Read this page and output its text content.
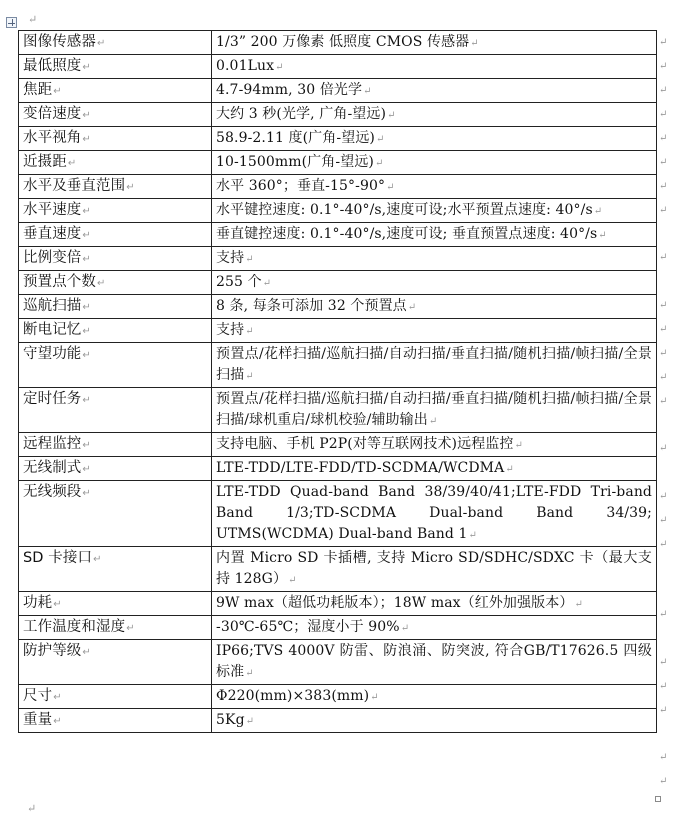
↵
图像传感器↵	1/3” 200 万像素 低照度 CMOS 传感器↵
最低照度↵	0.01Lux↵
焦距↵	4.7-94mm, 30 倍光学↵
变倍速度↵	大约 3 秒(光学, 广角-望远)↵
水平视角↵	58.9-2.11 度(广角-望远)↵
近摄距↵	10-1500mm(广角-望远)↵
水平及垂直范围↵	水平 360°；垂直-15°-90°↵
水平速度↵	水平键控速度: 0.1°-40°/s,速度可设;水平预置点速度: 40°/s↵
垂直速度↵	垂直键控速度: 0.1°-40°/s,速度可设; 垂直预置点速度: 40°/s↵
比例变倍↵	支持↵
预置点个数↵	255 个↵
巡航扫描↵	8 条, 每条可添加 32 个预置点↵
断电记忆↵	支持↵
守望功能↵	预置点/花样扫描/巡航扫描/自动扫描/垂直扫描/随机扫描/帧扫描/全景扫描↵
定时任务↵	预置点/花样扫描/巡航扫描/自动扫描/垂直扫描/随机扫描/帧扫描/全景扫描/球机重启/球机校验/辅助输出↵
远程监控↵	支持电脑、手机 P2P(对等互联网技术)远程监控↵
无线制式↵	LTE-TDD/LTE-FDD/TD-SCDMA/WCDMA↵
无线频段↵	LTE-TDD Quad-band Band 38/39/40/41;LTE-FDD Tri-band Band 1/3;TD-SCDMA Dual-band Band 34/39; UTMS(WCDMA) Dual-band Band 1↵
SD 卡接口↵	内置 Micro SD 卡插槽, 支持 Micro SD/SDHC/SDXC 卡（最大支持 128G）↵
功耗↵	9W max（超低功耗版本）；18W max（红外加强版本）↵
工作温度和湿度↵	-30℃-65℃；湿度小于 90%↵
防护等级↵	IP66;TVS 4000V 防雷、防浪涌、防突波, 符合GB/T17626.5 四级标准↵
尺寸↵	Φ220(mm)×383(mm)↵
重量↵	5Kg↵
↵
↵
↵
↵
↵
↵
↵
↵
↵
↵
↵
↵
↵
↵
↵
↵
↵
↵
↵
↵
↵
↵
↵
↵
↵
